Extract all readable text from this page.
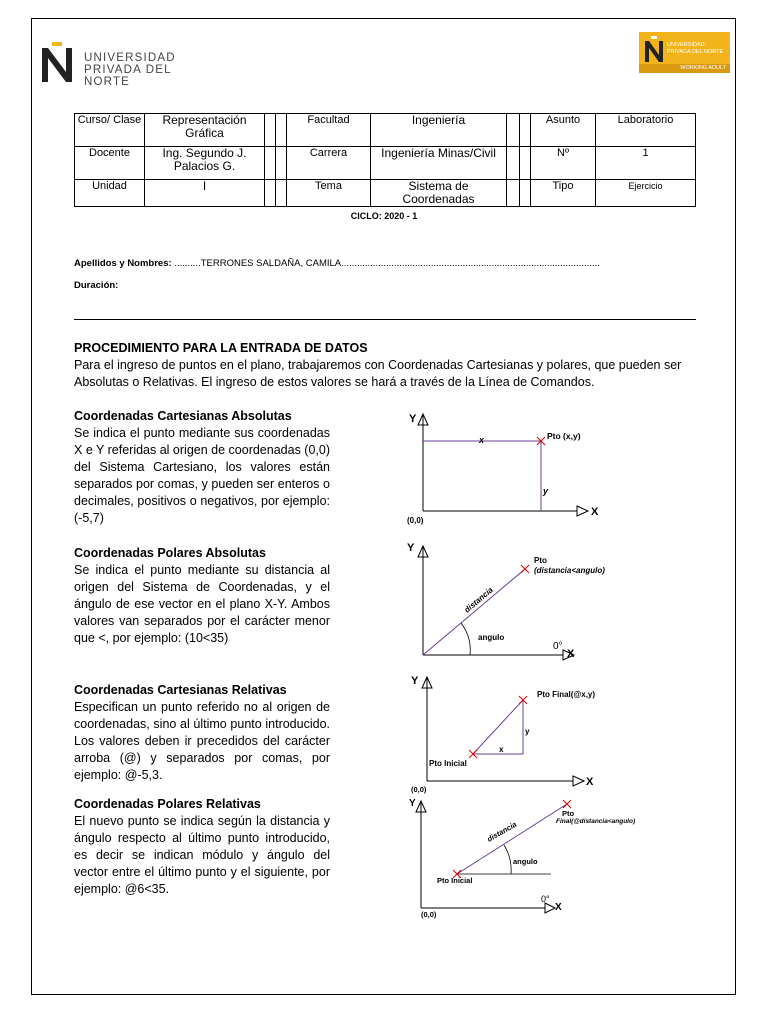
UNIVERSIDAD
PRIVADA DEL NORTE
UNIVERSIDAD
PRIVADA DEL NORTE
WORKING ADULT
Curso/ Clase	Representación Gráfica			Facultad	Ingeniería			Asunto	Laboratorio
Docente	Ing. Segundo J. Palacios G.			Carrera	Ingeniería Minas/Civil			Nº	1
Unidad	I			Tema	Sistema de Coordenadas			Tipo	Ejercicio
CICLO: 2020 - 1
Apellidos y Nombres: ..........TERRONES SALDAÑA, CAMILA..................................................................................................
Duración:
PROCEDIMIENTO PARA LA ENTRADA DE DATOS
Para el ingreso de puntos en el plano, trabajaremos con Coordenadas Cartesianas y polares, que pueden ser Absolutas o Relativas. El ingreso de estos valores se hará a través de la Línea de Comandos.
Coordenadas Cartesianas Absolutas
Se indica el punto mediante sus coordenadas X e Y referidas al origen de coordenadas (0,0) del Sistema Cartesiano, los valores están separados por comas, y pueden ser enteros o decimales, positivos o negativos, por ejemplo: (-5,7)
Coordenadas Polares Absolutas
Se indica el punto mediante su distancia al origen del Sistema de Coordenadas, y el ángulo de ese vector en el plano X-Y. Ambos valores van separados por el carácter menor que <, por ejemplo: (10<35)
Coordenadas Cartesianas Relativas
Especifican un punto referido no al origen de coordenadas, sino al último punto introducido. Los valores deben ir precedidos del carácter arroba (@) y separados por comas, por ejemplo: @-5,3.
Coordenadas Polares Relativas
El nuevo punto se indica según la distancia y ángulo respecto al último punto introducido, es decir se indican módulo y ángulo del vector entre el último punto y el siguiente, por ejemplo: @6<35.
Y
X
x
y
(0,0)
Pto (x,y)
Y
X
0°
distancia
angulo
Pto
(distancia<angulo)
Y
X
(0,0)
Pto Final(@x,y)
Pto Inicial
x
y
Y
X
0°
(0,0)
Pto Inicial
Pto
Final(@distancia<angulo)
distancia
angulo
